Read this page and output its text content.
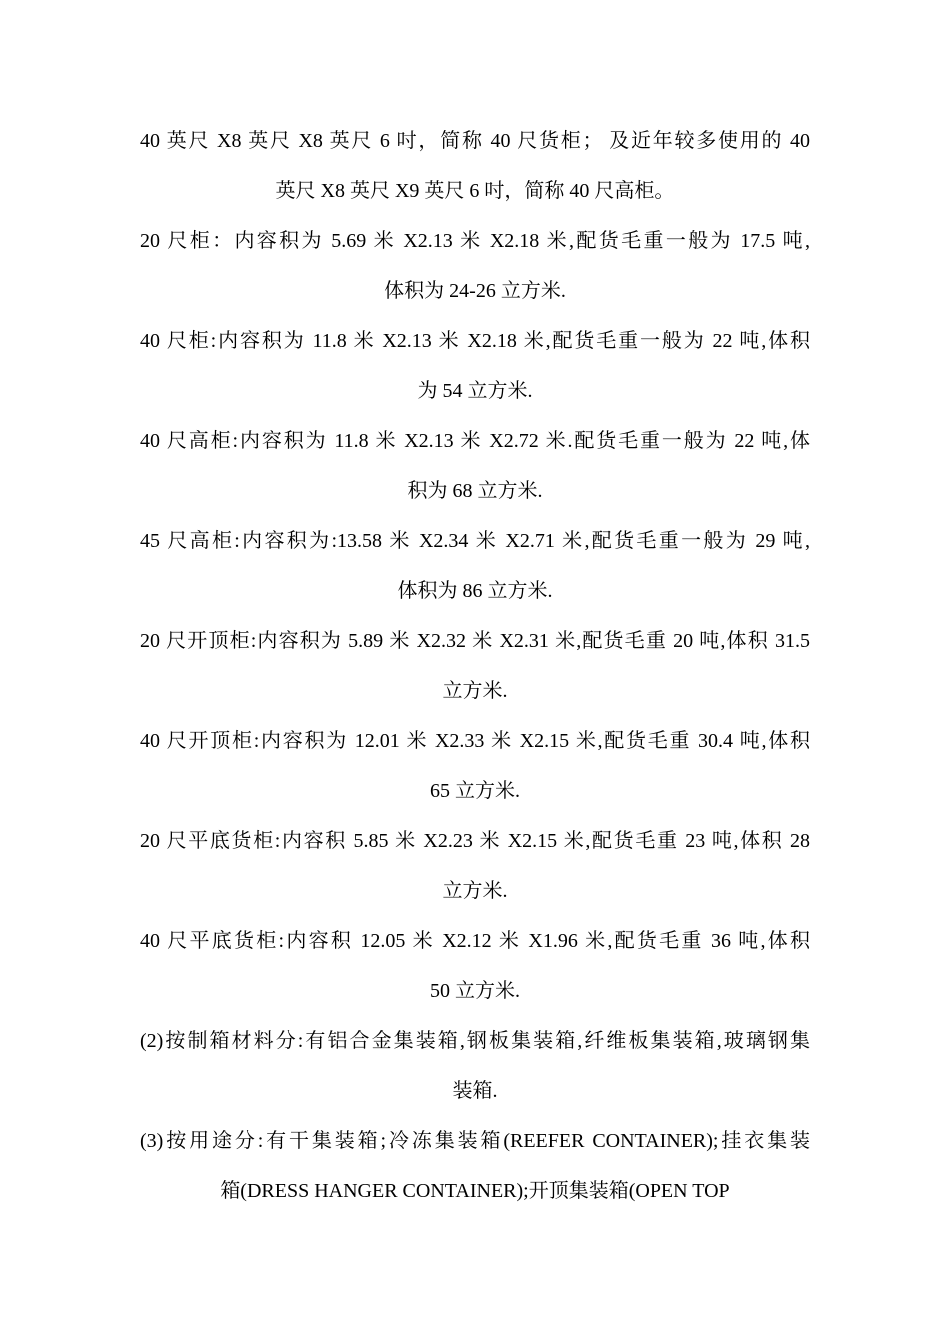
40 英尺 X8 英尺 X8 英尺 6 吋，简称 40 尺货柜； 及近年较多使用的 40
英尺 X8 英尺 X9 英尺 6 吋，简称 40 尺高柜。
20 尺柜：内容积为 5.69 米 X2.13 米 X2.18 米,配货毛重一般为 17.5 吨,
体积为 24-26 立方米.
40 尺柜:内容积为 11.8 米 X2.13 米 X2.18 米,配货毛重一般为 22 吨,体积
为 54 立方米.
40 尺高柜:内容积为 11.8 米 X2.13 米 X2.72 米.配货毛重一般为 22 吨,体
积为 68 立方米.
45 尺高柜:内容积为:13.58 米 X2.34 米 X2.71 米,配货毛重一般为 29 吨,
体积为 86 立方米.
20 尺开顶柜:内容积为 5.89 米 X2.32 米 X2.31 米,配货毛重 20 吨,体积 31.5
立方米.
40 尺开顶柜:内容积为 12.01 米 X2.33 米 X2.15 米,配货毛重 30.4 吨,体积
65 立方米.
20 尺平底货柜:内容积 5.85 米 X2.23 米 X2.15 米,配货毛重 23 吨,体积 28
立方米.
40 尺平底货柜:内容积 12.05 米 X2.12 米 X1.96 米,配货毛重 36 吨,体积
50 立方米.
(2)按制箱材料分:有铝合金集装箱,钢板集装箱,纤维板集装箱,玻璃钢集
装箱.
(3)按用途分:有干集装箱;冷冻集装箱(REEFER CONTAINER);挂衣集装
箱(DRESS HANGER CONTAINER);开顶集装箱(OPEN TOP
